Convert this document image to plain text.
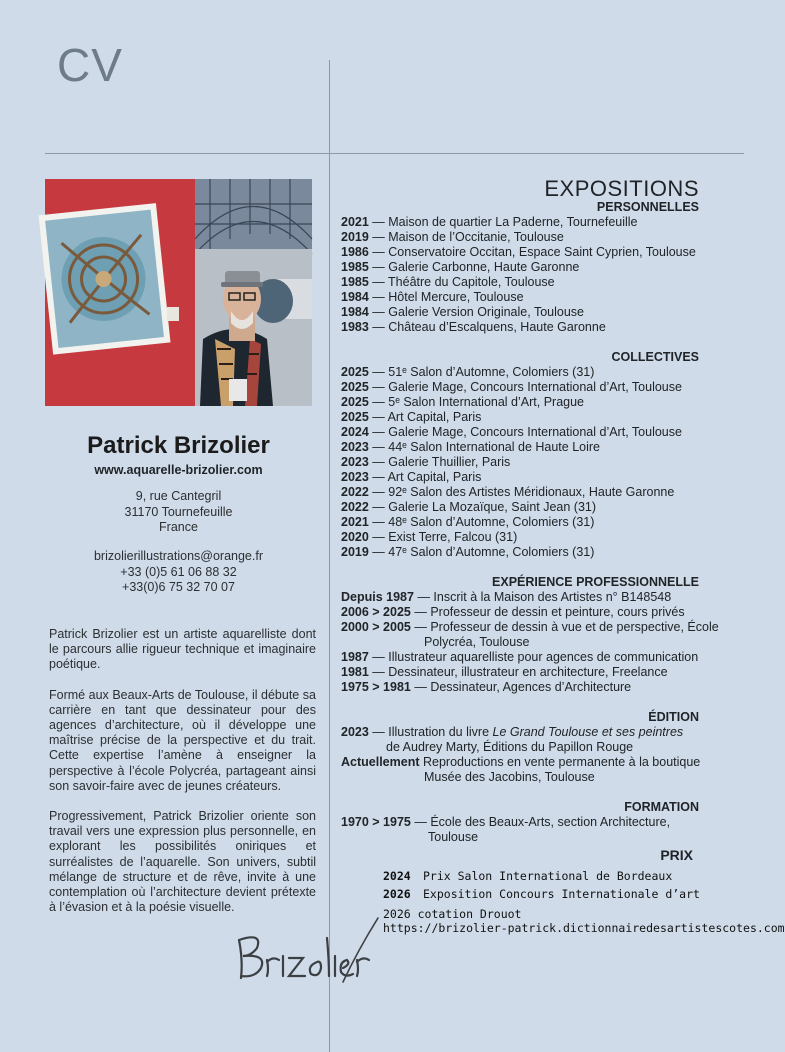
CV
Patrick Brizolier
www.aquarelle-brizolier.com
9, rue Cantegril
31170 Tournefeuille
France
brizolierillustrations@orange.fr
+33 (0)5 61 06 88 32
+33(0)6 75 32 70 07

Patrick Brizolier est un artiste aquarelliste dont le parcours allie rigueur technique et imaginaire poétique.

Formé aux Beaux-Arts de Toulouse, il débute sa carrière en tant que dessinateur pour des agences d’architecture, où il développe une maîtrise précise de la perspective et du trait. Cette expertise l’amène à enseigner la perspective à l’école Polycréa, partageant ainsi son savoir-faire avec de jeunes créateurs.

Progressivement, Patrick Brizolier oriente son travail vers une expression plus personnelle, en explorant les possibilités oniriques et surréalistes de l’aquarelle. Son univers, subtil mélange de structure et de rêve, invite à une contemplation où l’architecture devient prétexte à l’évasion et à la poésie visuelle.

EXPOSITIONS
PERSONNELLES
2021 — Maison de quartier La Paderne, Tournefeuille
2019 — Maison de l’Occitanie, Toulouse
1986 — Conservatoire Occitan, Espace Saint Cyprien, Toulouse
1985 — Galerie Carbonne, Haute Garonne
1985 — Théâtre du Capitole, Toulouse
1984 — Hôtel Mercure, Toulouse
1984 — Galerie Version Originale, Toulouse
1983 — Château d’Escalquens, Haute Garonne
COLLECTIVES
2025 — 51ᵉ Salon d’Automne, Colomiers (31)
2025 — Galerie Mage, Concours International d’Art, Toulouse
2025 — 5ᵉ Salon International d’Art, Prague
2025 — Art Capital, Paris
2024 — Galerie Mage, Concours International d’Art, Toulouse
2023 — 44ᵉ Salon International de Haute Loire
2023 — Galerie Thuillier, Paris
2023 — Art Capital, Paris
2022 — 92ᵉ Salon des Artistes Méridionaux, Haute Garonne
2022 — Galerie La Mozaïque, Saint Jean (31)
2021 — 48ᵉ Salon d’Automne, Colomiers (31)
2020 — Exist Terre, Falcou (31)
2019 — 47ᵉ Salon d’Automne, Colomiers (31)
EXPÉRIENCE PROFESSIONNELLE
Depuis 1987 — Inscrit à la Maison des Artistes n° B148548
2006 > 2025 — Professeur de dessin et peinture, cours privés
2000 > 2005 — Professeur de dessin à vue et de perspective, École
Polycréa, Toulouse
1987 — Illustrateur aquarelliste pour agences de communication
1981 — Dessinateur, illustrateur en architecture, Freelance
1975 > 1981 — Dessinateur, Agences d’Architecture
ÉDITION
2023 — Illustration du livre Le Grand Toulouse et ses peintres
de Audrey Marty, Éditions du Papillon Rouge
Actuellement Reproductions en vente permanente à la boutique
Musée des Jacobins, Toulouse
FORMATION
1970 > 1975 — École des Beaux-Arts, section Architecture,
Toulouse
PRIX
2024 Prix Salon International de Bordeaux
2026 Exposition Concours Internationale d’art
2026 cotation Drouot
https://brizolier-patrick.dictionnairedesartistescotes.com
